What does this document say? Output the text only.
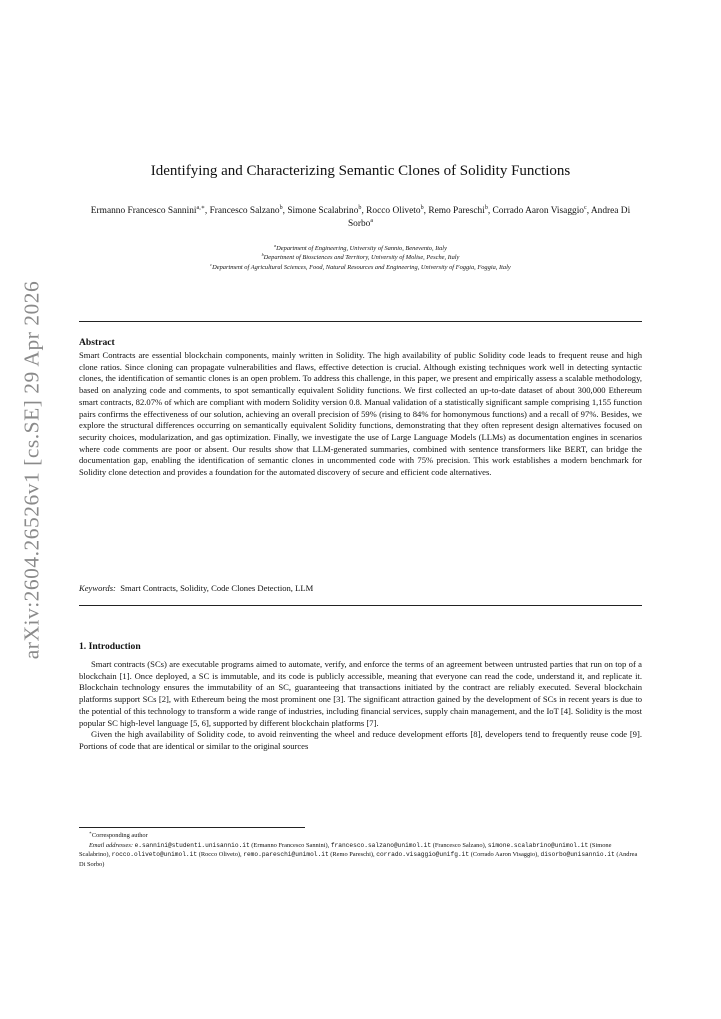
arXiv:2604.26526v1 [cs.SE] 29 Apr 2026
Identifying and Characterizing Semantic Clones of Solidity Functions
Ermanno Francesco Sannini$^{a,∗}$, Francesco Salzano$^b$, Simone Scalabrino$^b$, Rocco Oliveto$^b$, Remo Pareschi$^b$, Corrado Aaron Visaggio$^c$, Andrea Di Sorbo$^a$
$^a$Department of Engineering, University of Sannio, Benevento, Italy
$^b$Department of Biosciences and Territory, University of Molise, Pesche, Italy
$^c$Department of Agricultural Sciences, Food, Natural Resources and Engineering, University of Foggia, Foggia, Italy
Abstract
Smart Contracts are essential blockchain components, mainly written in Solidity. The high availability of public Solidity code leads to frequent reuse and high clone ratios. Since cloning can propagate vulnerabilities and flaws, effective detection is crucial. Although existing techniques work well in detecting syntactic clones, the identification of semantic clones is an open problem. To address this challenge, in this paper, we present and empirically assess a scalable methodology, based on analyzing code and comments, to spot semantically equivalent Solidity functions. We first collected an up-to-date dataset of about 300,000 Ethereum smart contracts, 82.07% of which are compliant with modern Solidity version 0.8. Manual validation of a statistically significant sample comprising 1,155 function pairs confirms the effectiveness of our solution, achieving an overall precision of 59% (rising to 84% for homonymous functions) and a recall of 97%. Besides, we explore the structural differences occurring on semantically equivalent Solidity functions, demonstrating that they often represent design alternatives focused on security choices, modularization, and gas optimization. Finally, we investigate the use of Large Language Models (LLMs) as documentation engines in scenarios where code comments are poor or absent. Our results show that LLM-generated summaries, combined with sentence transformers like BERT, can bridge the documentation gap, enabling the identification of semantic clones in uncommented code with 75% precision. This work establishes a modern benchmark for Solidity clone detection and provides a foundation for the automated discovery of secure and efficient code alternatives.
Keywords: Smart Contracts, Solidity, Code Clones Detection, LLM
1. Introduction

Smart contracts (SCs) are executable programs aimed to automate, verify, and enforce the terms of an agreement between untrusted parties that run on top of a blockchain [1]. Once deployed, a SC is immutable, and its code is publicly accessible, meaning that everyone can read the code, understand it, and replicate it. Blockchain technology ensures the immutability of an SC, guaranteeing that transactions initiated by the contract are reliably executed. Several blockchain platforms support SCs [2], with Ethereum being the most prominent one [3]. The significant attraction gained by the development of SCs in recent years is due to the potential of this technology to transform a wide range of industries, including financial services, supply chain management, and the IoT [4]. Solidity is the most popular SC high-level language [5, 6], supported by different blockchain platforms [7].

Given the high availability of Solidity code, to avoid reinventing the wheel and reduce development efforts [8], developers tend to frequently reuse code [9]. Portions of code that are identical or similar to the original sources

∗Corresponding author
Email addresses: e.sannini@studenti.unisannio.it (Ermanno Francesco Sannini), francesco.salzano@unimol.it (Francesco Salzano), simone.scalabrino@unimol.it (Simone Scalabrino), rocco.oliveto@unimol.it (Rocco Oliveto), remo.pareschi@unimol.it (Remo Pareschi), corrado.visaggio@unifg.it (Corrado Aaron Visaggio), disorbo@unisannio.it (Andrea Di Sorbo)
